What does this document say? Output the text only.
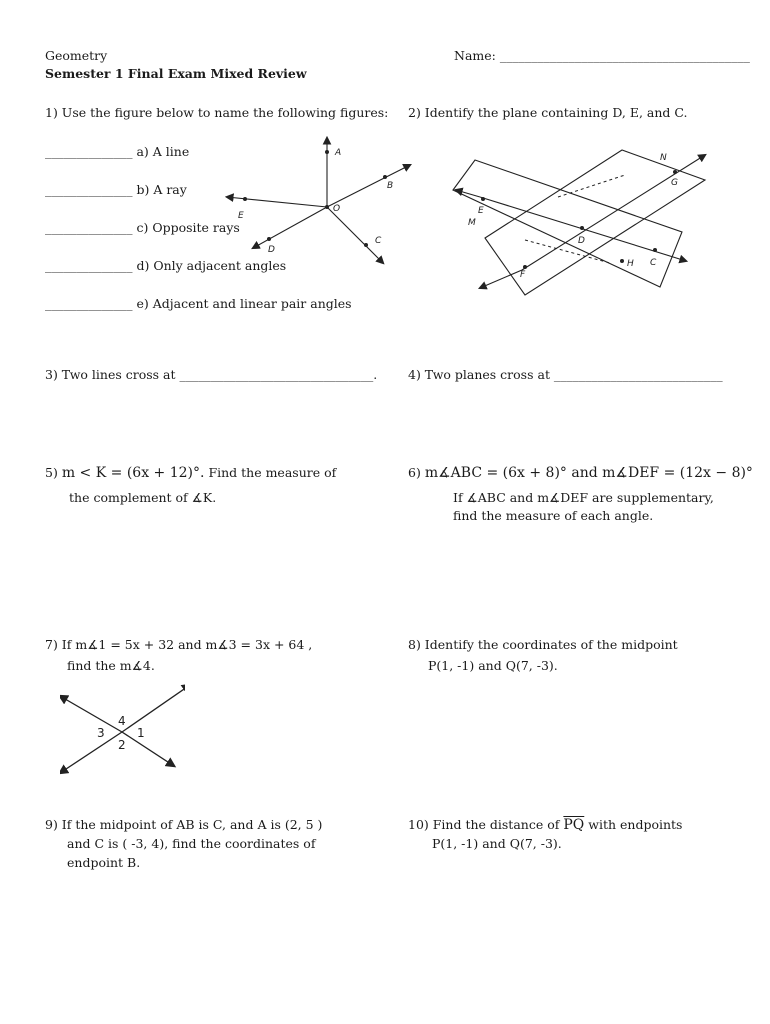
Geometry
Semester 1 Final Exam Mixed Review
Name: ________________________________________
1) Use the figure below to name the following figures:
______________ a) A line
______________ b) A ray
______________ c) Opposite rays
______________ d) Only adjacent angles
______________ e) Adjacent and linear pair angles
A
B
C
D
E
O
2) Identify the plane containing D, E, and C.
N
G
E
M
D
F
H C
3) Two lines cross at _______________________________. 4) Two planes cross at ___________________________
5) m < K = (6x + 12)°. Find the measure of
the complement of ∡K.
6) m∡ABC = (6x + 8)° and m∡DEF = (12x − 8)°
If ∡ABC and m∡DEF are supplementary,
find the measure of each angle.
7) If m∡1 = 5x + 32 and m∡3 = 3x + 64 ,
find the m∡4.
4
3	1
2
8) Identify the coordinates of the midpoint
P(1, -1) and Q(7, -3).
9) If the midpoint of AB is C, and A is (2, 5 )
and C is ( -3, 4), find the coordinates of
endpoint B.
10) Find the distance of $\overline{PQ}$ with endpoints
P(1, -1) and Q(7, -3).
